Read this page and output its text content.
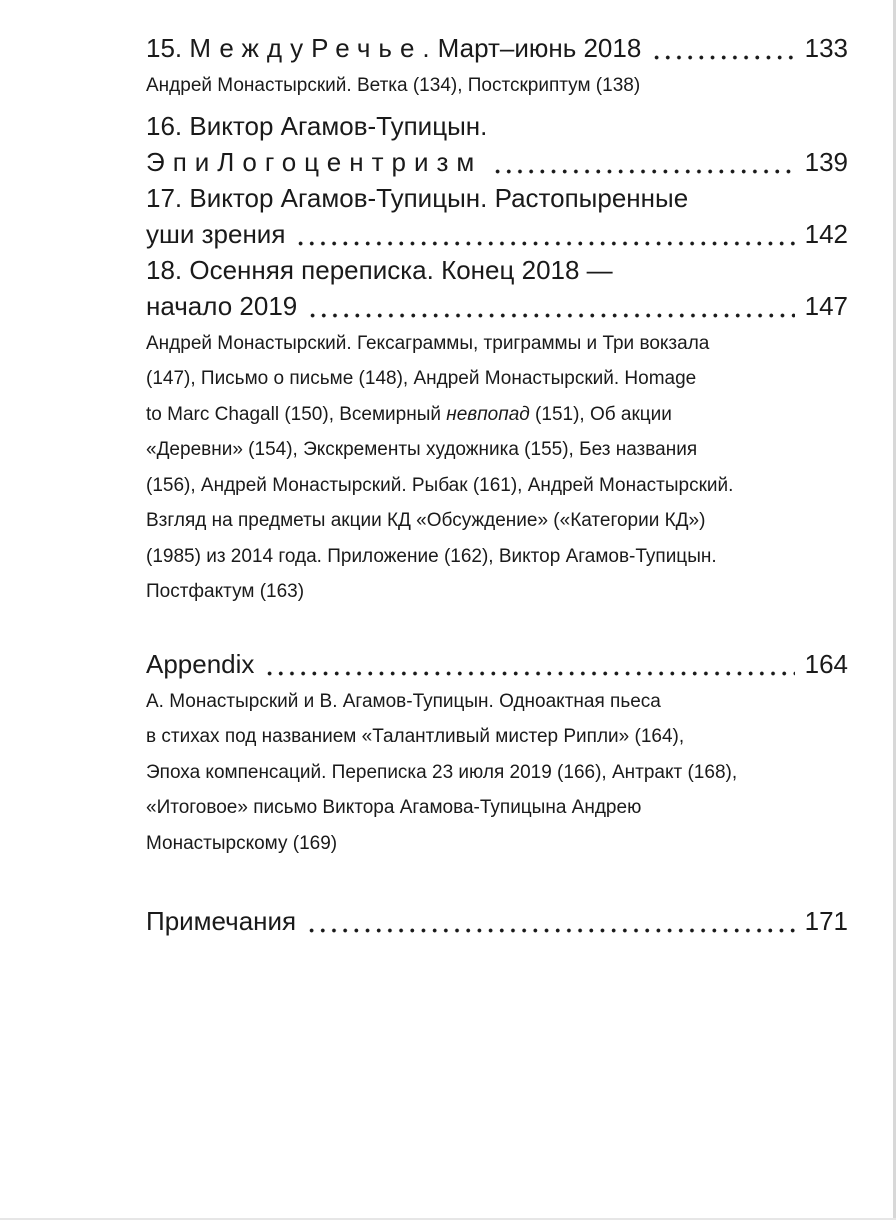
15. МеждуРечье.Март–июнь 2018	133

Андрей Монастырский. Ветка (134), Постскриптум (138)

16. Виктор Агамов-Тупицын.
ЭпиЛогоцентризм	139
17. Виктор Агамов-Тупицын. Растопыренные
уши зрения	142
18. Осенняя переписка. Конец 2018 —
начало 2019	147

Андрей Монастырский. Гексаграммы, триграммы и Три вокзала

(147), Письмо о письме (148), Андрей Монастырский. Homage

to Marc Chagall (150), Всемирный невпопад (151), Об акции

«Деревни» (154), Экскременты художника (155), Без названия

(156), Андрей Монастырский. Рыбак (161), Андрей Монастырский.

Взгляд на предметы акции КД «Обсуждение» («Категории КД»)

(1985) из 2014 года. Приложение (162), Виктор Агамов-Тупицын.

Постфактум (163)

Appendix	164

А. Монастырский и В. Агамов-Тупицын. Одноактная пьеса

в стихах под названием «Талантливый мистер Рипли» (164),

Эпоха компенсаций. Переписка 23 июля 2019 (166), Антракт (168),

«Итоговое» письмо Виктора Агамова-Тупицына Андрею

Монастырскому (169)

Примечания	171
